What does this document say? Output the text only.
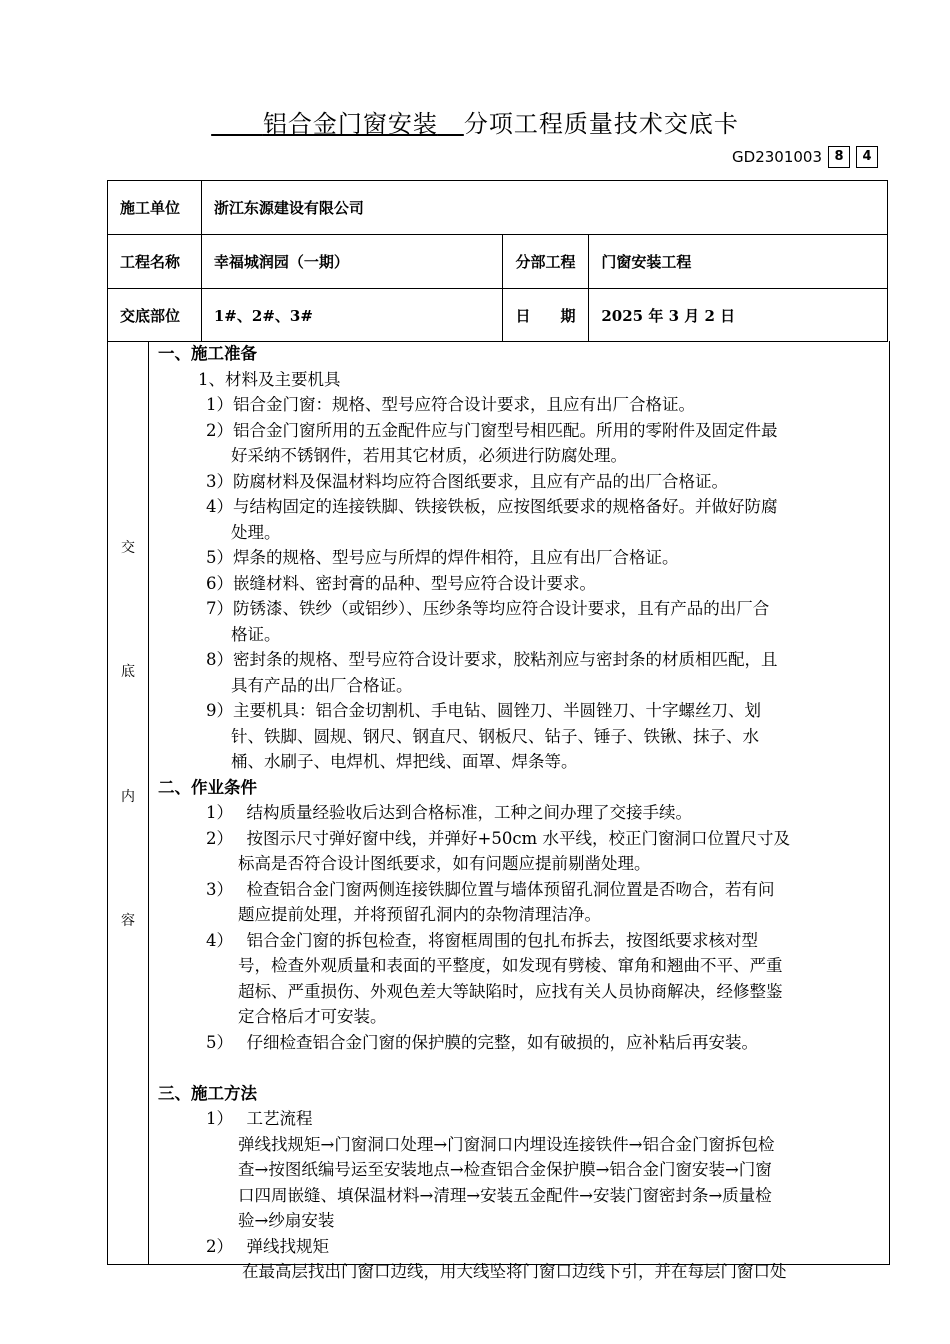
铝合金门窗安装 分项工程质量技术交底卡
GD2301003 8	4
施工单位	浙江东源建设有限公司		
工程名称	幸福城润园（一期）	分部工程	门窗安装工程
交底部位	1#、2#、3#	日　　期	2025 年 3 月 2 日
交
底
内
容
一、施工准备
1、材料及主要机具
1）铝合金门窗：规格、型号应符合设计要求，且应有出厂合格证。
2）铝合金门窗所用的五金配件应与门窗型号相匹配。所用的零附件及固定件最
好采纳不锈钢件，若用其它材质，必须进行防腐处理。
3）防腐材料及保温材料均应符合图纸要求，且应有产品的出厂合格证。
4）与结构固定的连接铁脚、铁接铁板，应按图纸要求的规格备好。并做好防腐
处理。
5）焊条的规格、型号应与所焊的焊件相符，且应有出厂合格证。
6）嵌缝材料、密封膏的品种、型号应符合设计要求。
7）防锈漆、铁纱（或铝纱）、压纱条等均应符合设计要求，且有产品的出厂合
格证。
8）密封条的规格、型号应符合设计要求，胶粘剂应与密封条的材质相匹配，且
具有产品的出厂合格证。
9）主要机具：铝合金切割机、手电钻、圆锉刀、半圆锉刀、十字螺丝刀、划
针、铁脚、圆规、钢尺、钢直尺、钢板尺、钻子、锤子、铁锹、抹子、水
桶、水刷子、电焊机、焊把线、面罩、焊条等。
二、作业条件
1）　 结构质量经验收后达到合格标准，工种之间办理了交接手续。
2）　 按图示尺寸弹好窗中线，并弹好+50cm 水平线，校正门窗洞口位置尺寸及
标高是否符合设计图纸要求，如有问题应提前剔凿处理。
3）　 检查铝合金门窗两侧连接铁脚位置与墙体预留孔洞位置是否吻合，若有问
题应提前处理，并将预留孔洞内的杂物清理洁净。
4）　 铝合金门窗的拆包检查，将窗框周围的包扎布拆去，按图纸要求核对型
号，检查外观质量和表面的平整度，如发现有劈棱、窜角和翘曲不平、严重
超标、严重损伤、外观色差大等缺陷时，应找有关人员协商解决，经修整鉴
定合格后才可安装。
5）　 仔细检查铝合金门窗的保护膜的完整，如有破损的，应补粘后再安装。

三、施工方法
1）　 工艺流程
弹线找规矩→门窗洞口处理→门窗洞口内埋设连接铁件→铝合金门窗拆包检
查→按图纸编号运至安装地点→检查铝合金保护膜→铝合金门窗安装→门窗
口四周嵌缝、填保温材料→清理→安装五金配件→安装门窗密封条→质量检
验→纱扇安装
2）　 弹线找规矩
在最高层找出门窗口边线，用大线坠将门窗口边线下引，并在每层门窗口处
